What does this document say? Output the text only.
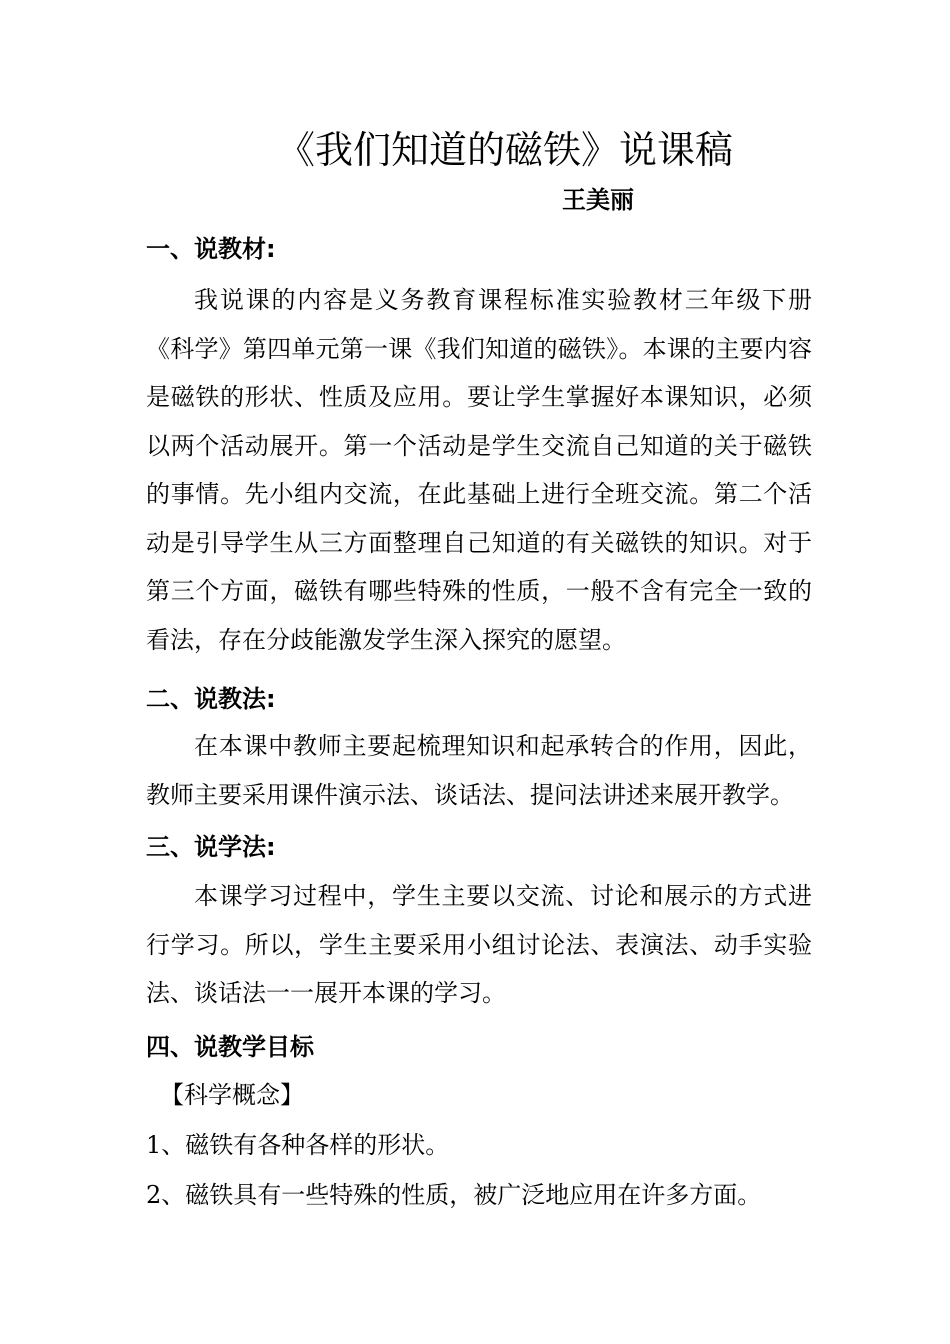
《我们知道的磁铁》说课稿
王美丽
一、说教材:

我说课的内容是义务教育课程标准实验教材三年级下册《科学》第四单元第一课《我们知道的磁铁》。本课的主要内容是磁铁的形状、性质及应用。要让学生掌握好本课知识，必须以两个活动展开。第一个活动是学生交流自己知道的关于磁铁的事情。先小组内交流，在此基础上进行全班交流。第二个活动是引导学生从三方面整理自己知道的有关磁铁的知识。对于第三个方面，磁铁有哪些特殊的性质，一般不含有完全一致的看法，存在分歧能激发学生深入探究的愿望。

二、说教法:

在本课中教师主要起梳理知识和起承转合的作用，因此，教师主要采用课件演示法、谈话法、提问法讲述来展开教学。

三、说学法:

本课学习过程中，学生主要以交流、讨论和展示的方式进行学习。所以，学生主要采用小组讨论法、表演法、动手实验法、谈话法一一展开本课的学习。

四、说教学目标
【科学概念】
1、磁铁有各种各样的形状。
2、磁铁具有一些特殊的性质，被广泛地应用在许多方面。
